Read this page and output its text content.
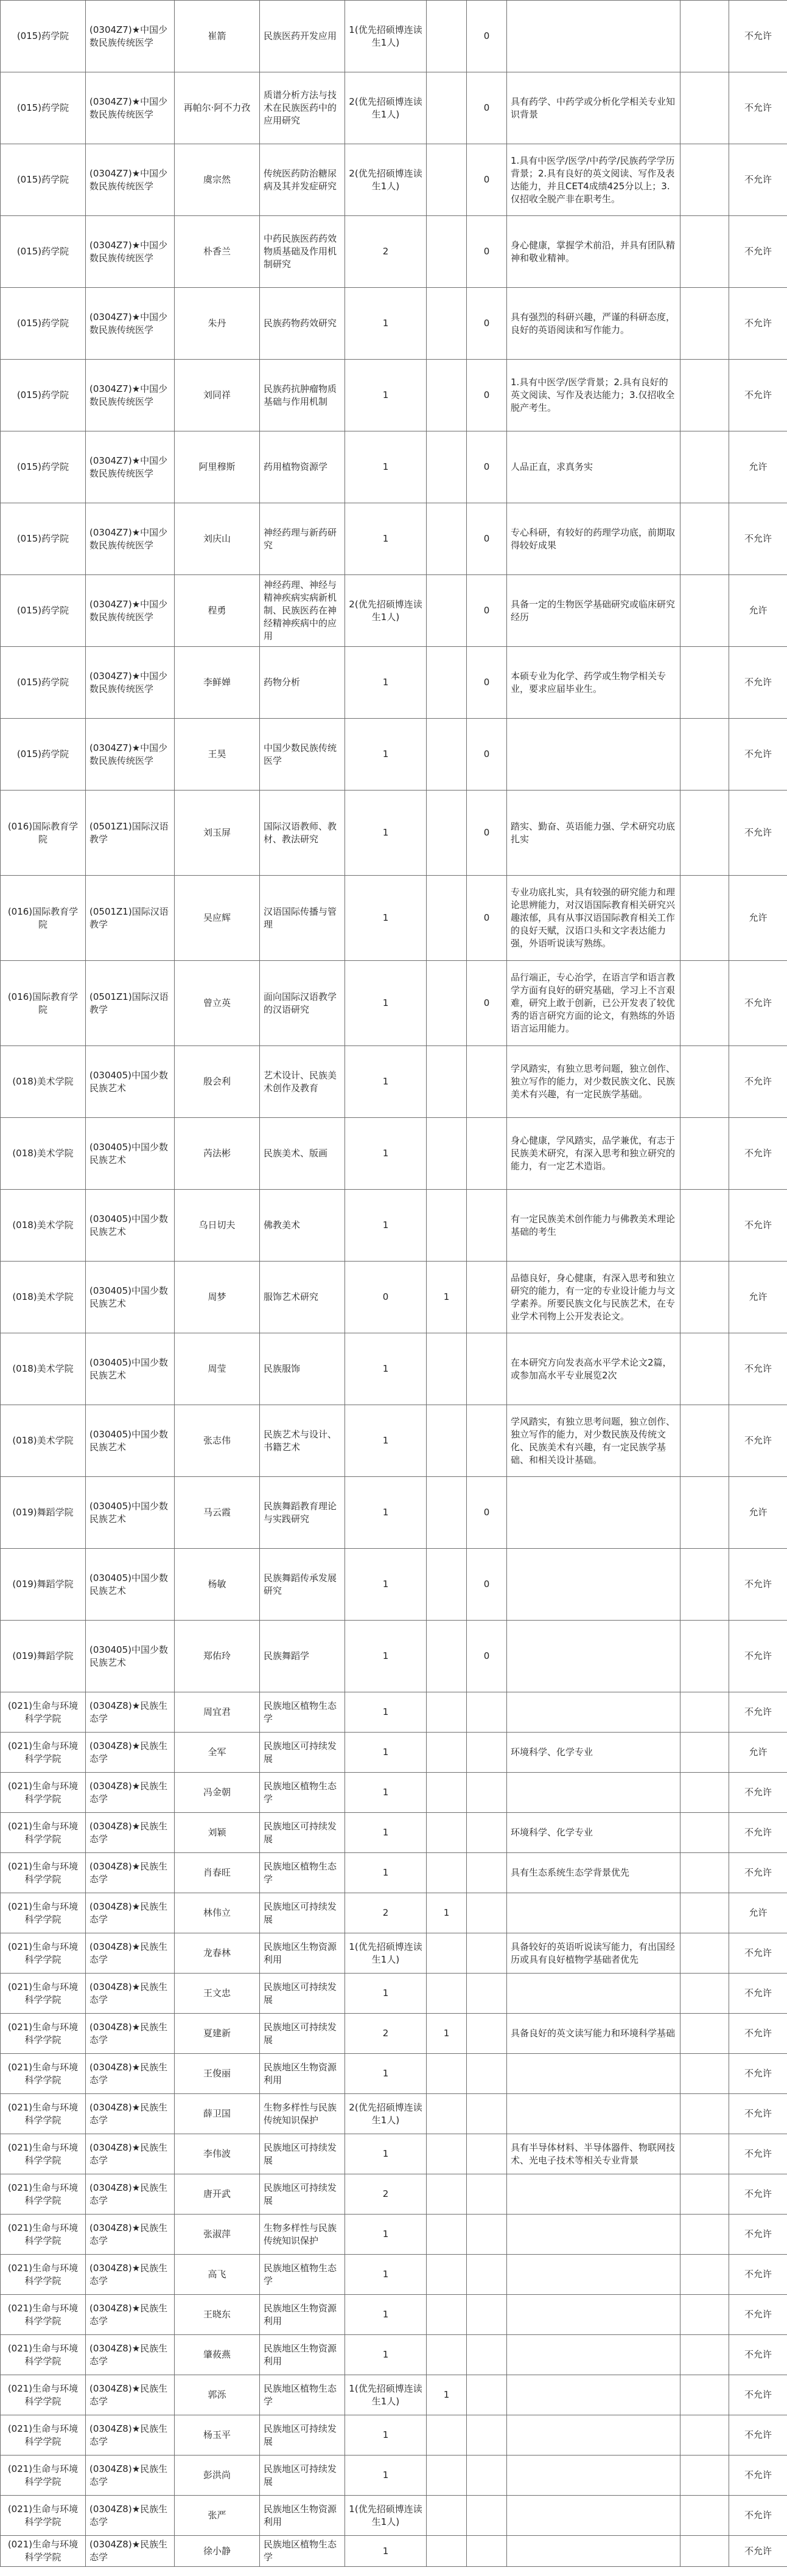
(015)药学院	(0304Z7)★中国少数民族传统医学	崔箭	民族医药开发应用	1(优先招硕博连读生1人)		0			不允许
(015)药学院	(0304Z7)★中国少数民族传统医学	再帕尔·阿不力孜	质谱分析方法与技术在民族医药中的应用研究	2(优先招硕博连读生1人)		0	具有药学、中药学或分析化学相关专业知识背景		不允许
(015)药学院	(0304Z7)★中国少数民族传统医学	虞宗然	传统医药防治糖尿病及其并发症研究	2(优先招硕博连读生1人)		0	1.具有中医学/医学/中药学/民族药学学历背景；2.具有良好的英文阅读、写作及表达能力，并且CET4成绩425分以上；3.仅招收全脱产非在职考生。		不允许
(015)药学院	(0304Z7)★中国少数民族传统医学	朴香兰	中药民族医药药效物质基础及作用机制研究	2		0	身心健康，掌握学术前沿，并具有团队精神和敬业精神。		不允许
(015)药学院	(0304Z7)★中国少数民族传统医学	朱丹	民族药物药效研究	1		0	具有强烈的科研兴趣，严谨的科研态度，良好的英语阅读和写作能力。		不允许
(015)药学院	(0304Z7)★中国少数民族传统医学	刘同祥	民族药抗肿瘤物质基础与作用机制	1		0	1.具有中医学/医学背景；2.具有良好的英文阅读、写作及表达能力；3.仅招收全脱产考生。		不允许
(015)药学院	(0304Z7)★中国少数民族传统医学	阿里穆斯	药用植物资源学	1		0	人品正直，求真务实		允许
(015)药学院	(0304Z7)★中国少数民族传统医学	刘庆山	神经药理与新药研究	1		0	专心科研，有较好的药理学功底，前期取得较好成果		不允许
(015)药学院	(0304Z7)★中国少数民族传统医学	程勇	神经药理、神经与精神疾病实病新机制、民族医药在神经精神疾病中的应用	2(优先招硕博连读生1人)		0	具备一定的生物医学基础研究或临床研究经历		允许
(015)药学院	(0304Z7)★中国少数民族传统医学	李鲜婵	药物分析	1		0	本硕专业为化学、药学或生物学相关专业，要求应届毕业生。		不允许
(015)药学院	(0304Z7)★中国少数民族传统医学	王昊	中国少数民族传统医学	1		0			不允许
(016)国际教育学院	(0501Z1)国际汉语教学	刘玉屏	国际汉语教师、教材、教法研究	1		0	踏实、勤奋、英语能力强、学术研究功底扎实		不允许
(016)国际教育学院	(0501Z1)国际汉语教学	吴应辉	汉语国际传播与管理	1		0	专业功底扎实，具有较强的研究能力和理论思辨能力，对汉语国际教育相关研究兴趣浓郁，具有从事汉语国际教育相关工作的良好天赋，汉语口头和文字表达能力强，外语听说读写熟练。		允许
(016)国际教育学院	(0501Z1)国际汉语教学	曾立英	面向国际汉语教学的汉语研究	1		0	品行端正，专心治学，在语言学和语言教学方面有良好的研究基础，学习上不言艰难，研究上敢于创新，已公开发表了较优秀的语言研究方面的论文，有熟练的外语语言运用能力。		不允许
(018)美术学院	(030405)中国少数民族艺术	殷会利	艺术设计、民族美术创作及教育	1			学风踏实，有独立思考问题，独立创作、独立写作的能力，对少数民族文化、民族美术有兴趣，有一定民族学基础。		不允许
(018)美术学院	(030405)中国少数民族艺术	芮法彬	民族美术、版画	1			身心健康，学风踏实，品学兼优，有志于民族美术研究，有深入思考和独立研究的能力，有一定艺术造诣。		不允许
(018)美术学院	(030405)中国少数民族艺术	乌日切夫	佛教美术	1			有一定民族美术创作能力与佛教美术理论基础的考生		不允许
(018)美术学院	(030405)中国少数民族艺术	周梦	服饰艺术研究	0	1		品德良好，身心健康，有深入思考和独立研究的能力，有一定的专业设计能力与文学素养。所要民族文化与民族艺术，在专业学术刊物上公开发表论文。		允许
(018)美术学院	(030405)中国少数民族艺术	周莹	民族服饰	1			在本研究方向发表高水平学术论文2篇，或参加高水平专业展览2次		不允许
(018)美术学院	(030405)中国少数民族艺术	张志伟	民族艺术与设计、书籍艺术	1			学风踏实，有独立思考问题，独立创作、独立写作的能力，对少数民族及传统文化、民族美术有兴趣，有一定民族学基础、和相关设计基础。		不允许
(019)舞蹈学院	(030405)中国少数民族艺术	马云霞	民族舞蹈教育理论与实践研究	1		0			允许
(019)舞蹈学院	(030405)中国少数民族艺术	杨敏	民族舞蹈传承发展研究	1		0			不允许
(019)舞蹈学院	(030405)中国少数民族艺术	郑佑玲	民族舞蹈学	1		0			不允许
(021)生命与环境科学学院	(0304Z8)★民族生态学	周宜君	民族地区植物生态学	1					不允许
(021)生命与环境科学学院	(0304Z8)★民族生态学	全军	民族地区可持续发展	1			环境科学、化学专业		允许
(021)生命与环境科学学院	(0304Z8)★民族生态学	冯金朝	民族地区植物生态学	1					不允许
(021)生命与环境科学学院	(0304Z8)★民族生态学	刘颖	民族地区可持续发展	1			环境科学、化学专业		不允许
(021)生命与环境科学学院	(0304Z8)★民族生态学	肖春旺	民族地区植物生态学	1			具有生态系统生态学背景优先		不允许
(021)生命与环境科学学院	(0304Z8)★民族生态学	林伟立	民族地区可持续发展	2	1				允许
(021)生命与环境科学学院	(0304Z8)★民族生态学	龙春林	民族地区生物资源利用	1(优先招硕博连读生1人)			具备较好的英语听说读写能力，有出国经历或具有良好植物学基础者优先		不允许
(021)生命与环境科学学院	(0304Z8)★民族生态学	王文忠	民族地区可持续发展	1					不允许
(021)生命与环境科学学院	(0304Z8)★民族生态学	夏建新	民族地区可持续发展	2	1		具备良好的英文读写能力和环境科学基础		不允许
(021)生命与环境科学学院	(0304Z8)★民族生态学	王俊丽	民族地区生物资源利用	1					不允许
(021)生命与环境科学学院	(0304Z8)★民族生态学	薛卫国	生物多样性与民族传统知识保护	2(优先招硕博连读生1人)					不允许
(021)生命与环境科学学院	(0304Z8)★民族生态学	李伟波	民族地区可持续发展	1			具有半导体材料、半导体器件、物联网技术、光电子技术等相关专业背景		不允许
(021)生命与环境科学学院	(0304Z8)★民族生态学	唐开武	民族地区可持续发展	2					不允许
(021)生命与环境科学学院	(0304Z8)★民族生态学	张淑萍	生物多样性与民族传统知识保护	1					不允许
(021)生命与环境科学学院	(0304Z8)★民族生态学	高飞	民族地区植物生态学	1					不允许
(021)生命与环境科学学院	(0304Z8)★民族生态学	王晓东	民族地区生物资源利用	1					不允许
(021)生命与环境科学学院	(0304Z8)★民族生态学	肇莜燕	民族地区生物资源利用	1					不允许
(021)生命与环境科学学院	(0304Z8)★民族生态学	郭泺	民族地区植物生态学	1(优先招硕博连读生1人)	1				不允许
(021)生命与环境科学学院	(0304Z8)★民族生态学	杨玉平	民族地区可持续发展	1					不允许
(021)生命与环境科学学院	(0304Z8)★民族生态学	彭洪尚	民族地区可持续发展	1					不允许
(021)生命与环境科学学院	(0304Z8)★民族生态学	张严	民族地区生物资源利用	1(优先招硕博连读生1人)					不允许
(021)生命与环境科学学院	(0304Z8)★民族生态学	徐小静	民族地区植物生态学	1					不允许
